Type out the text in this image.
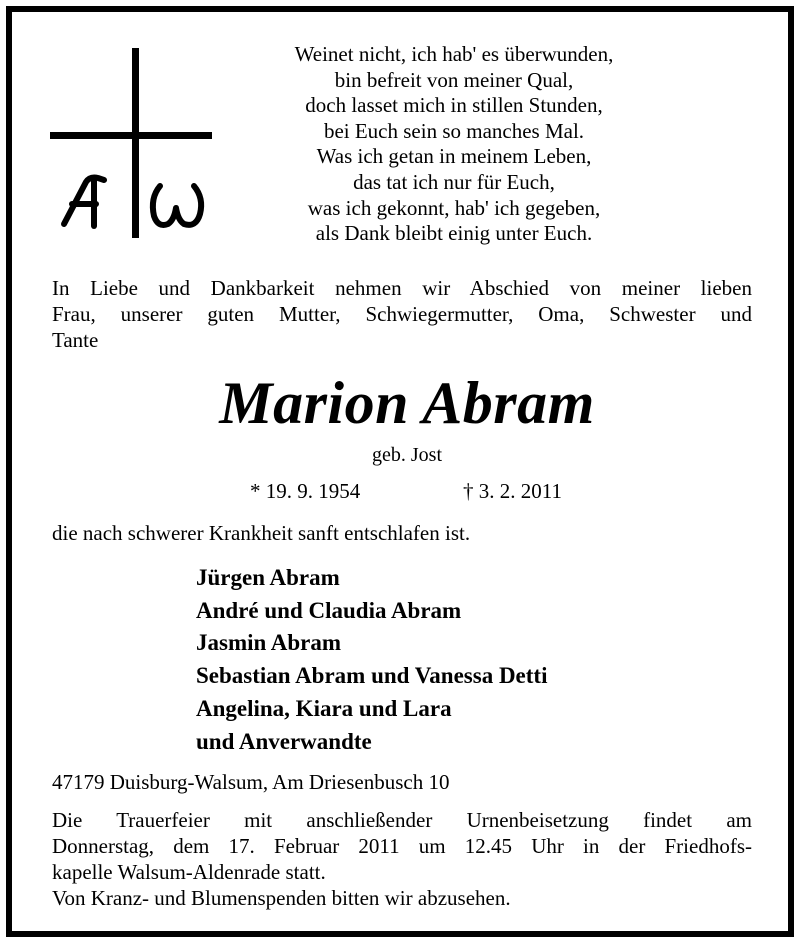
Weinet nicht, ich hab' es überwunden,
bin befreit von meiner Qual,
doch lasset mich in stillen Stunden,
bei Euch sein so manches Mal.
Was ich getan in meinem Leben,
das tat ich nur für Euch,
was ich gekonnt, hab' ich gegeben,
als Dank bleibt einig unter Euch.
In Liebe und Dankbarkeit nehmen wir Abschied von meiner lieben
Frau, unserer guten Mutter, Schwiegermutter, Oma, Schwester und
Tante
Marion Abram
geb. Jost
* 19. 9. 1954	† 3. 2. 2011
die nach schwerer Krankheit sanft entschlafen ist.
Jürgen Abram
André und Claudia Abram
Jasmin Abram
Sebastian Abram und Vanessa Detti
Angelina, Kiara und Lara
und Anverwandte
47179 Duisburg-Walsum, Am Driesenbusch 10
Die Trauerfeier mit anschließender Urnenbeisetzung findet am
Donnerstag, dem 17. Februar 2011 um 12.45 Uhr in der Friedhofs-
kapelle Walsum-Aldenrade statt.
Von Kranz- und Blumenspenden bitten wir abzusehen.
